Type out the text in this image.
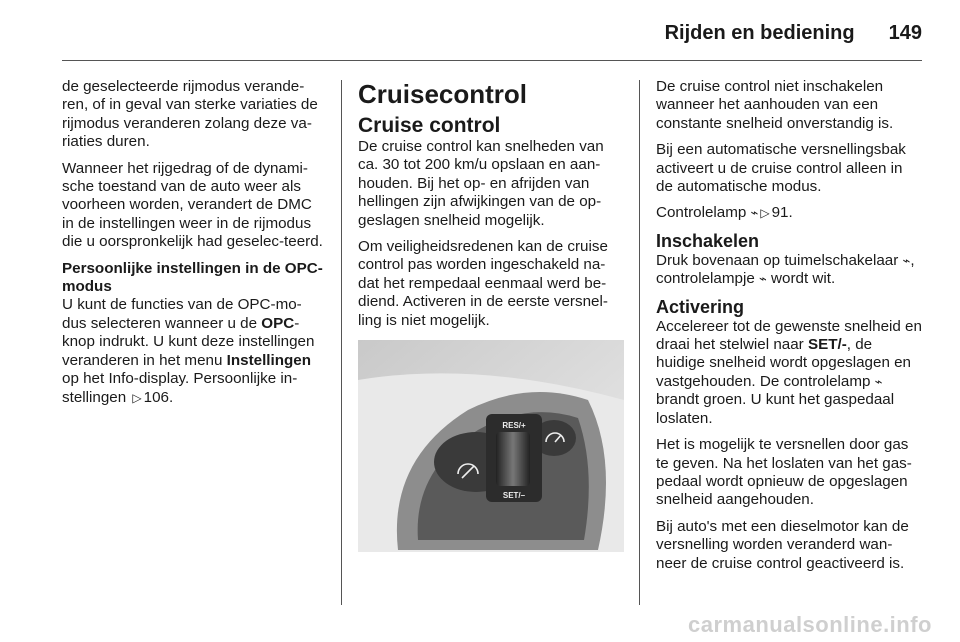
Rijden en bediening 149

de geselecteerde rijmodus verande-ren, of in geval van sterke variaties de rijmodus veranderen zolang deze va-riaties duren.

Wanneer het rijgedrag of de dynami-sche toestand van de auto weer als voorheen worden, verandert de DMC in de instellingen weer in de rijmodus die u oorspronkelijk had geselec-teerd.

Persoonlijke instellingen in de OPC-modus

U kunt de functies van de OPC-mo-dus selecteren wanneer u de OPC-knop indrukt. U kunt deze instellingen veranderen in het menu Instellingen op het Info-display. Persoonlijke in-stellingen ▷ 106.

Cruisecontrol
Cruise control

De cruise control kan snelheden van ca. 30 tot 200 km/u opslaan en aan-houden. Bij het op- en afrijden van hellingen zijn afwijkingen van de op-geslagen snelheid mogelijk.

Om veiligheidsredenen kan de cruise control pas worden ingeschakeld na-dat het rempedaal eenmaal werd be-diend. Activeren in de eerste versnel-ling is niet mogelijk.

RES/+
SET/–

De cruise control niet inschakelen wanneer het aanhouden van een constante snelheid onverstandig is.

Bij een automatische versnellingsbak activeert u de cruise control alleen in de automatische modus.

Controlelamp ⌁▷ 91.

Inschakelen

Druk bovenaan op tuimelschakelaar ⌁, controlelampje ⌁ wordt wit.

Activering

Accelereer tot de gewenste snelheid en draai het stelwiel naar SET/-, de huidige snelheid wordt opgeslagen en vastgehouden. De controlelamp ⌁ brandt groen. U kunt het gaspedaal loslaten.

Het is mogelijk te versnellen door gas te geven. Na het loslaten van het gas-pedaal wordt opnieuw de opgeslagen snelheid aangehouden.

Bij auto's met een dieselmotor kan de versnelling worden veranderd wan-neer de cruise control geactiveerd is.

carmanualsonline.info
